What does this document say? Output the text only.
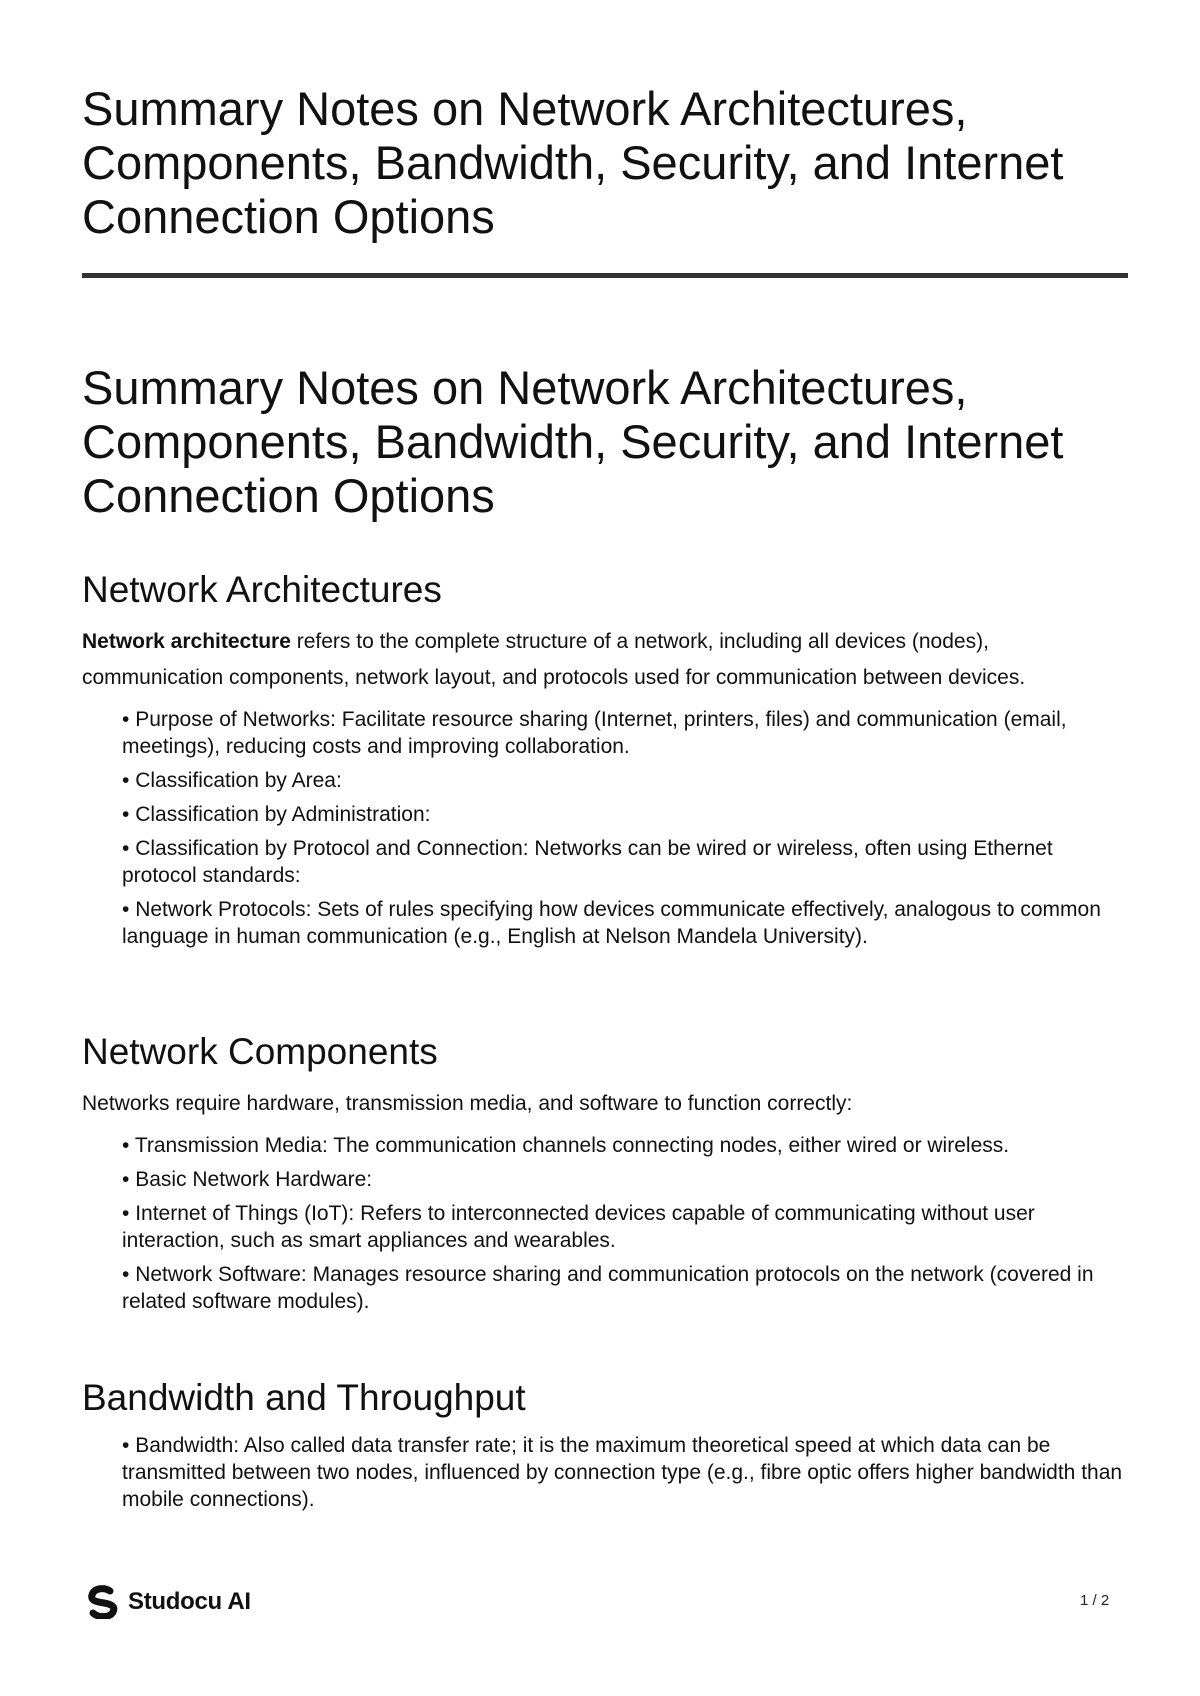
Summary Notes on Network Architectures, Components, Bandwidth, Security, and Internet Connection Options
Summary Notes on Network Architectures, Components, Bandwidth, Security, and Internet Connection Options
Network Architectures

Network architecture refers to the complete structure of a network, including all devices (nodes), communication components, network layout, and protocols used for communication between devices.

• Purpose of Networks: Facilitate resource sharing (Internet, printers, files) and communication (email, meetings), reducing costs and improving collaboration.
• Classification by Area:
• Classification by Administration:
• Classification by Protocol and Connection: Networks can be wired or wireless, often using Ethernet protocol standards:
• Network Protocols: Sets of rules specifying how devices communicate effectively, analogous to common language in human communication (e.g., English at Nelson Mandela University).
Network Components

Networks require hardware, transmission media, and software to function correctly:

• Transmission Media: The communication channels connecting nodes, either wired or wireless.
• Basic Network Hardware:
• Internet of Things (IoT): Refers to interconnected devices capable of communicating without user interaction, such as smart appliances and wearables.
• Network Software: Manages resource sharing and communication protocols on the network (covered in related software modules).
Bandwidth and Throughput
• Bandwidth: Also called data transfer rate; it is the maximum theoretical speed at which data can be transmitted between two nodes, influenced by connection type (e.g., fibre optic offers higher bandwidth than mobile connections).
Studocu AI	1 / 2
